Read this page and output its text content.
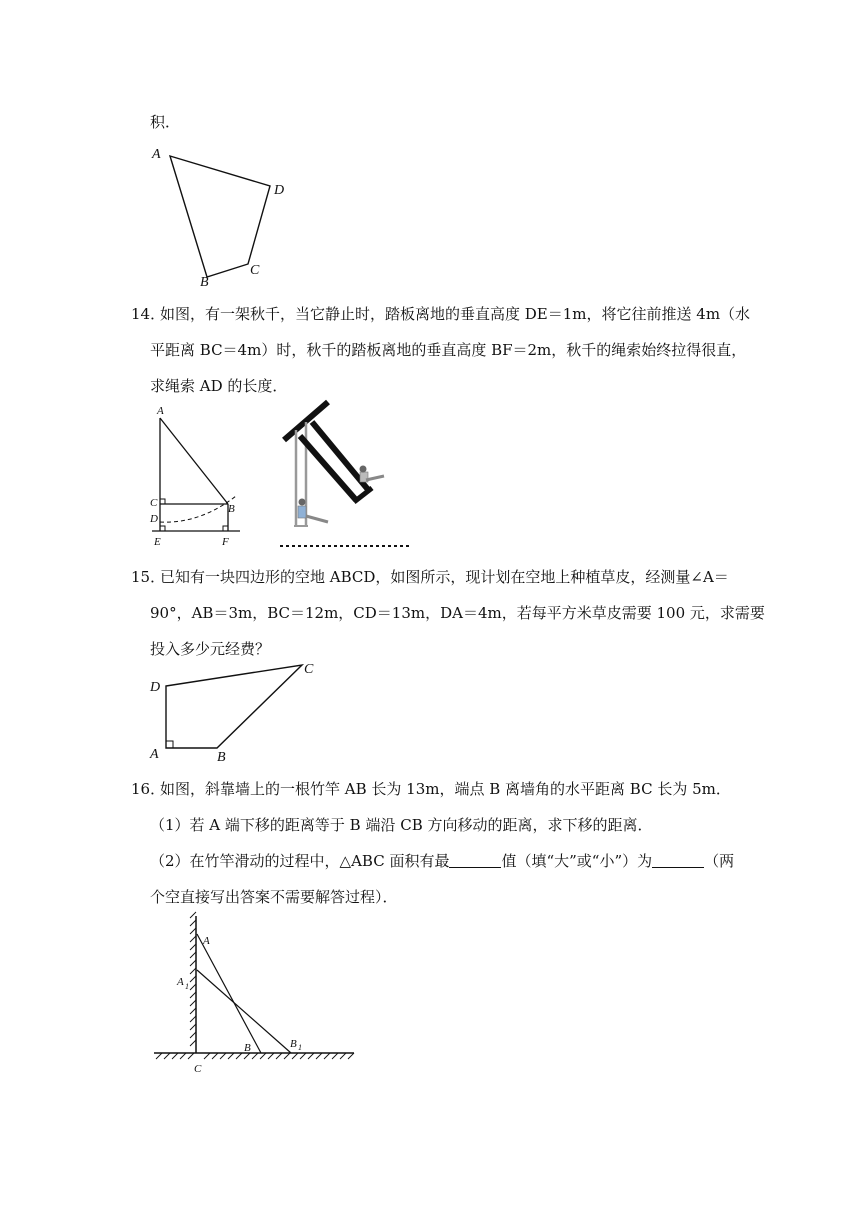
积．
A
D
C
B
14．
如图，有一架秋千，当它静止时，踏板离地的垂直高度 DE＝1m，将它往前推送 4m（水
平距离 BC＝4m）时，秋千的踏板离地的垂直高度 BF＝2m，秋千的绳索始终拉得很直，
求绳索 AD 的长度．
A
C
D
E	F
B
15．
已知有一块四边形的空地 ABCD，如图所示，现计划在空地上种植草皮，经测量∠A＝
90°，AB＝3m，BC＝12m，CD＝13m，DA＝4m，若每平方米草皮需要 100 元，求需要
投入多少元经费？
D
C
A	B
16．
如图，斜靠墙上的一根竹竿 AB 长为 13m，端点 B 离墙角的水平距离 BC 长为 5m．
（1）若 A 端下移的距离等于 B 端沿 CB 方向移动的距离，求下移的距离．
（2）在竹竿滑动的过程中，△ABC 面积有最	值（填“大”或“小”）为	（两
个空直接写出答案不需要解答过程）．
A
A 1
B	B 1
C
